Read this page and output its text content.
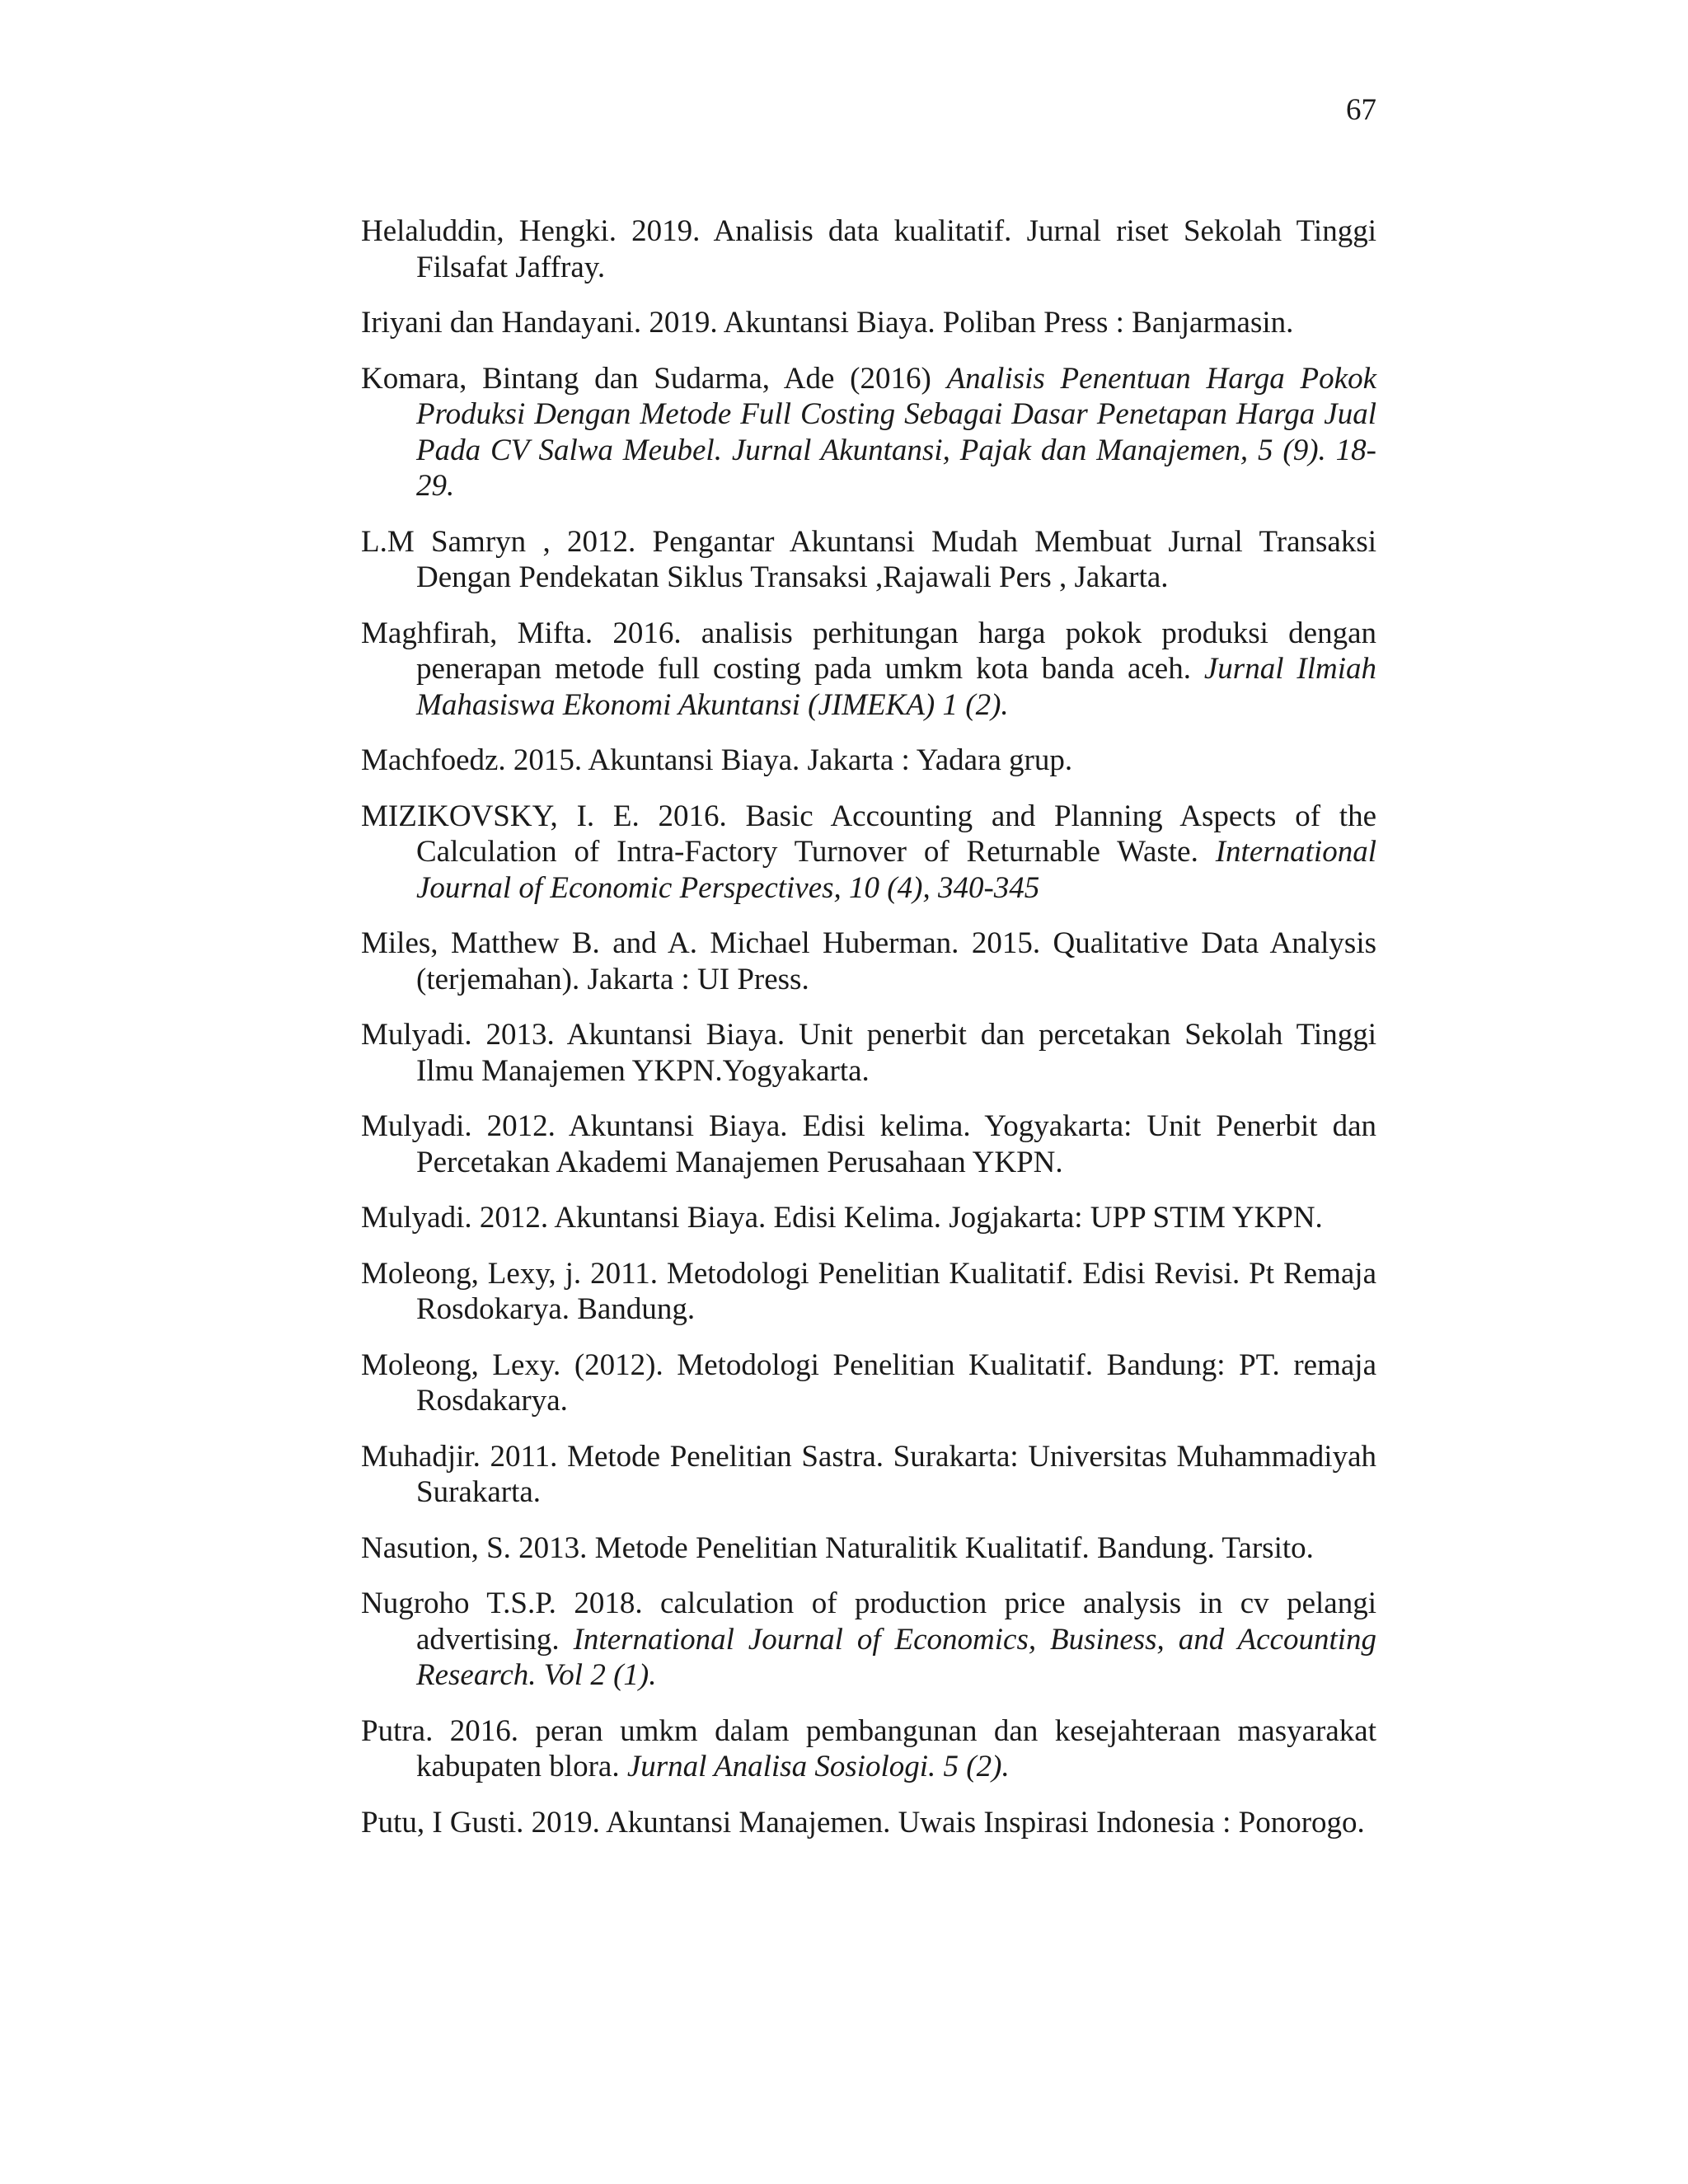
67

Helaluddin, Hengki. 2019. Analisis data kualitatif. Jurnal riset Sekolah Tinggi Filsafat Jaffray.

Iriyani dan Handayani. 2019. Akuntansi Biaya. Poliban Press : Banjarmasin.

Komara, Bintang dan Sudarma, Ade (2016) Analisis Penentuan Harga Pokok Produksi Dengan Metode Full Costing Sebagai Dasar Penetapan Harga Jual Pada CV Salwa Meubel. Jurnal Akuntansi, Pajak dan Manajemen, 5 (9). 18-29.

L.M Samryn , 2012. Pengantar Akuntansi Mudah Membuat Jurnal Transaksi Dengan Pendekatan Siklus Transaksi ,Rajawali Pers , Jakarta.

Maghfirah, Mifta. 2016. analisis perhitungan harga pokok produksi dengan penerapan metode full costing pada umkm kota banda aceh. Jurnal Ilmiah Mahasiswa Ekonomi Akuntansi (JIMEKA) 1 (2).

Machfoedz. 2015. Akuntansi Biaya. Jakarta : Yadara grup.

MIZIKOVSKY, I. E. 2016. Basic Accounting and Planning Aspects of the Calculation of Intra-Factory Turnover of Returnable Waste. International Journal of Economic Perspectives, 10 (4), 340-345

Miles, Matthew B. and A. Michael Huberman. 2015. Qualitative Data Analysis (terjemahan). Jakarta : UI Press.

Mulyadi. 2013. Akuntansi Biaya. Unit penerbit dan percetakan Sekolah Tinggi Ilmu Manajemen YKPN.Yogyakarta.

Mulyadi. 2012. Akuntansi Biaya. Edisi kelima. Yogyakarta: Unit Penerbit dan Percetakan Akademi Manajemen Perusahaan YKPN.

Mulyadi. 2012. Akuntansi Biaya. Edisi Kelima. Jogjakarta: UPP STIM YKPN.

Moleong, Lexy, j. 2011. Metodologi Penelitian Kualitatif. Edisi Revisi. Pt Remaja Rosdokarya. Bandung.

Moleong, Lexy. (2012). Metodologi Penelitian Kualitatif. Bandung: PT. remaja Rosdakarya.

Muhadjir. 2011. Metode Penelitian Sastra. Surakarta: Universitas Muhammadiyah Surakarta.

Nasution, S. 2013. Metode Penelitian Naturalitik Kualitatif. Bandung. Tarsito.

Nugroho T.S.P. 2018. calculation of production price analysis in cv pelangi advertising. International Journal of Economics, Business, and Accounting Research. Vol 2 (1).

Putra. 2016. peran umkm dalam pembangunan dan kesejahteraan masyarakat kabupaten blora. Jurnal Analisa Sosiologi. 5 (2).

Putu, I Gusti. 2019. Akuntansi Manajemen. Uwais Inspirasi Indonesia : Ponorogo.
